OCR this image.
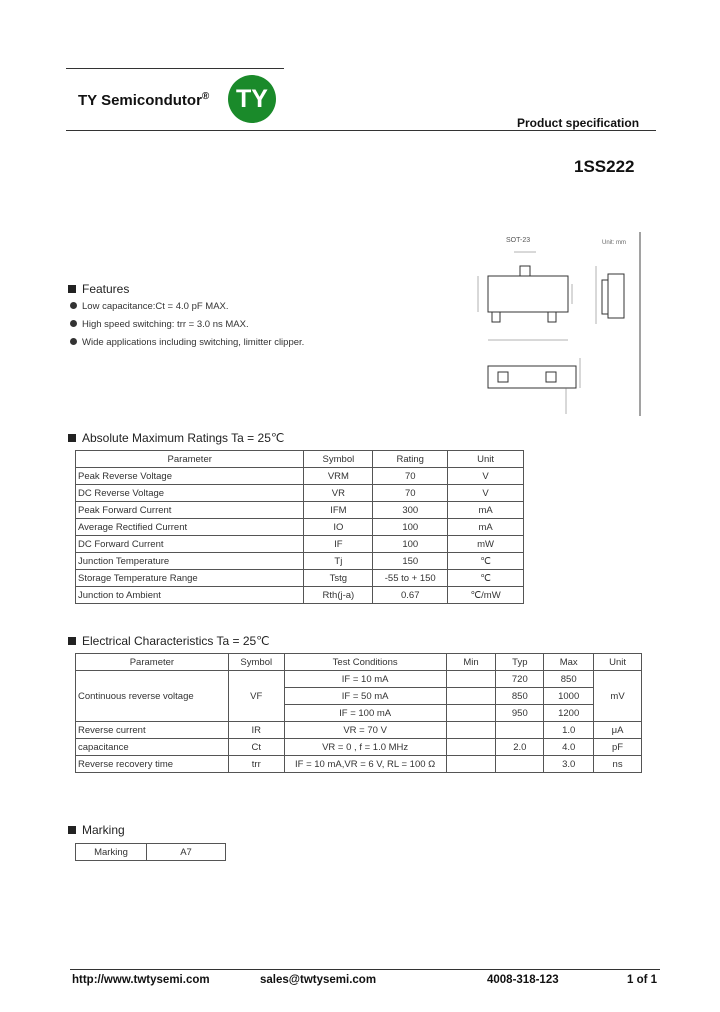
TY Semicondutor®	TY
Product specification
1SS222
SOT-23	Unit: mm
Features
Low capacitance:Ct = 4.0 pF MAX.
High speed switching: trr = 3.0 ns MAX.
Wide applications including switching, limitter clipper.
Absolute Maximum Ratings Ta = 25℃
Parameter	Symbol	Rating	Unit
Peak Reverse Voltage	VRM	70	V
DC Reverse Voltage	VR	70	V
Peak Forward Current	IFM	300	mA
Average Rectified Current	IO	100	mA
DC Forward Current	IF	100	mW
Junction Temperature	Tj	150	℃
Storage Temperature Range	Tstg	-55 to + 150	℃
Junction to Ambient	Rth(j-a)	0.67	℃/mW
Electrical Characteristics Ta = 25℃
Parameter	Symbol	Test Conditions	Min	Typ	Max	Unit
Continuous reverse voltage	VF	IF = 10 mA		720	850	mV
		IF = 50 mA		850	1000	
		IF = 100 mA		950	1200	
Reverse current	IR	VR = 70 V			1.0	μA
capacitance	Ct	VR = 0 , f = 1.0 MHz		2.0	4.0	pF
Reverse recovery time	trr	IF = 10 mA,VR = 6 V, RL = 100 Ω			3.0	ns
Marking
Marking	A7
http://www.twtysemi.com	sales@twtysemi.com	4008-318-123	1 of 1
